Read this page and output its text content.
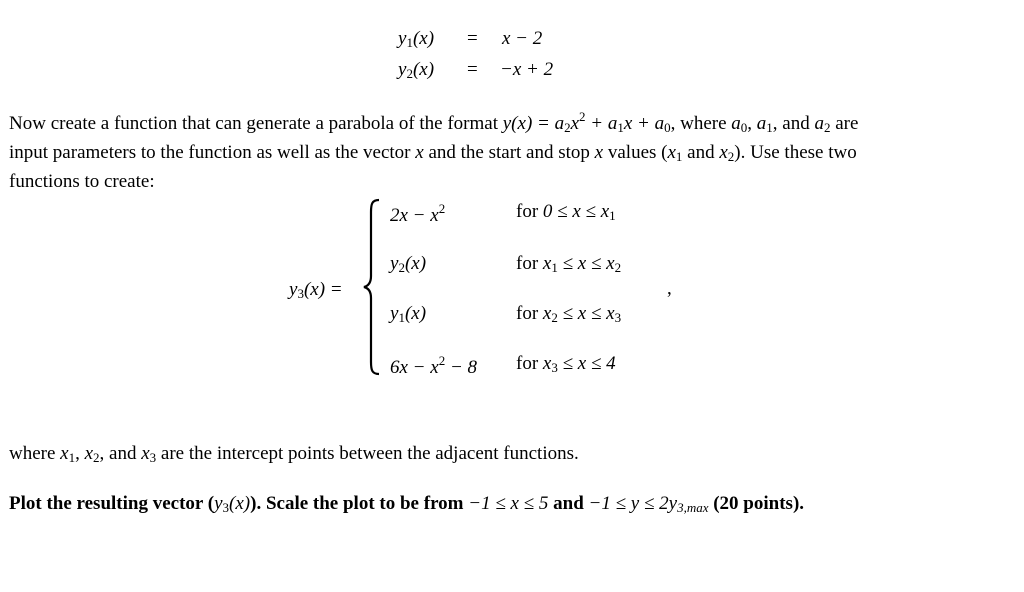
$y_1(x) = x - 2$
$y_2(x) = -x + 2$
Now create a function that can generate a parabola of the format $y(x) = a_2x^2 + a_1x + a_0$, where $a_0$, $a_1$, and $a_2$ are
input parameters to the function as well as the vector x and the start and stop x values ($x_1$ and $x_2$). Use these two
functions to create:
$y_3(x)$ =
$2x - x^2$	for $0 \le x \le x_1$
$y_2(x)$	for $x_1 \le x \le x_2$
$y_1(x)$	for $x_2 \le x \le x_3$
$6x - x^2 - 8$ for $x_3 \le x \le 4$
,
where $x_1$, $x_2$, and $x_3$ are the intercept points between the adjacent functions.
Plot the resulting vector $(y_3(x))$. Scale the plot to be from −1 ≤ x ≤ 5 and $-1 \le y \le 2y_{3,max}$ (20 points).
